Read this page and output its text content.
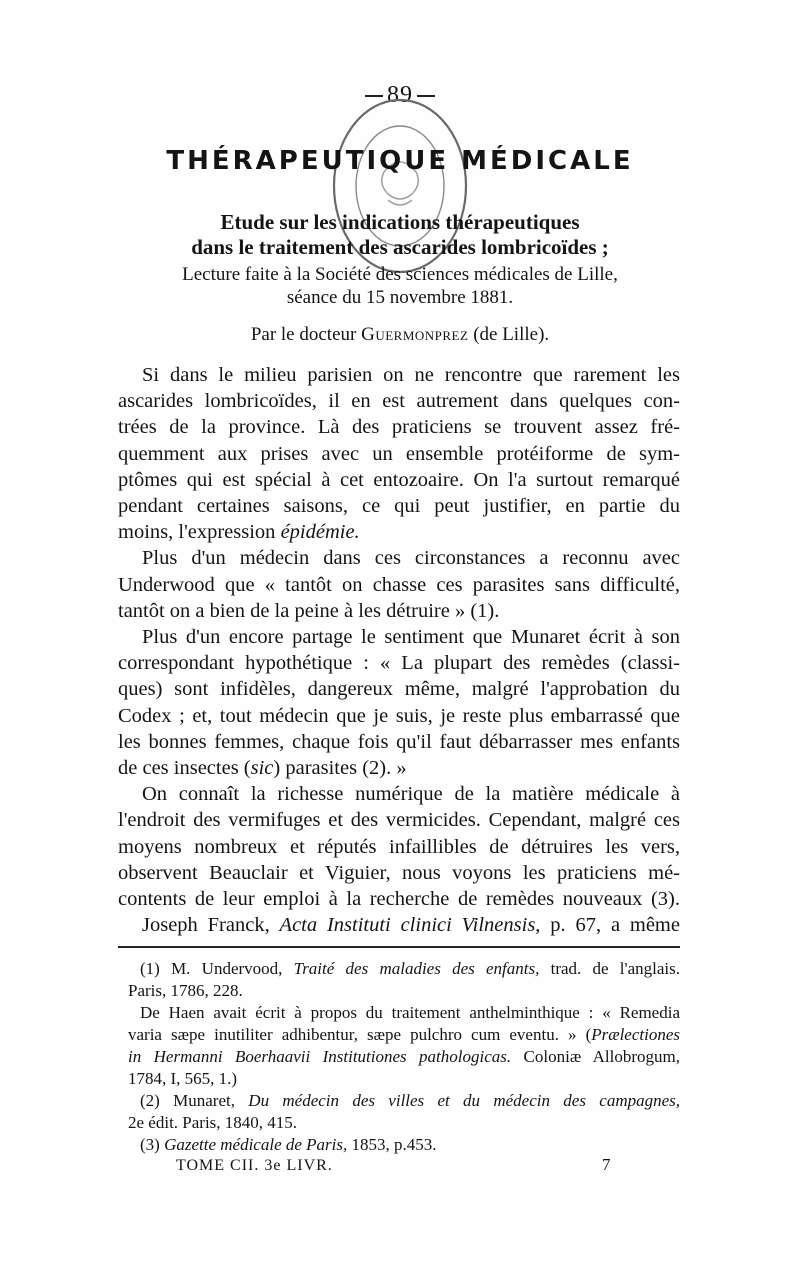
89
THÉRAPEUTIQUE MÉDICALE
Etude sur les indications thérapeutiques
dans le traitement des ascarides lombricoïdes ;
Lecture faite à la Société des sciences médicales de Lille,
séance du 15 novembre 1881.
Par le docteur Guermonprez (de Lille).
Si dans le milieu parisien on ne rencontre que rarement les
ascarides lombricoïdes, il en est autrement dans quelques con-
trées de la province. Là des praticiens se trouvent assez fré-
quemment aux prises avec un ensemble protéiforme de sym-
ptômes qui est spécial à cet entozoaire. On l'a surtout remarqué
pendant certaines saisons, ce qui peut justifier, en partie du
moins, l'expression épidémie.
Plus d'un médecin dans ces circonstances a reconnu avec
Underwood que « tantôt on chasse ces parasites sans difficulté,
tantôt on a bien de la peine à les détruire » (1).
Plus d'un encore partage le sentiment que Munaret écrit à son
correspondant hypothétique : « La plupart des remèdes (classi-
ques) sont infidèles, dangereux même, malgré l'approbation du
Codex ; et, tout médecin que je suis, je reste plus embarrassé que
les bonnes femmes, chaque fois qu'il faut débarrasser mes enfants
de ces insectes (sic) parasites (2). »
On connaît la richesse numérique de la matière médicale à
l'endroit des vermifuges et des vermicides. Cependant, malgré ces
moyens nombreux et réputés infaillibles de détruires les vers,
observent Beauclair et Viguier, nous voyons les praticiens mé-
(1) M. Undervood, Traité des maladies des enfants, trad. de l'anglais.
Paris, 1786, 228.
De Haen avait écrit à propos du traitement anthelminthique : « Remedia
varia sæpe inutiliter adhibentur, sæpe pulchro cum eventu. » (Prælectiones
in Hermanni Boerhaavii Institutiones pathologicas. Coloniæ Allobrogum,
1784, I, 565, 1.)
(2) Munaret, Du médecin des villes et du médecin des campagnes,
2e édit. Paris, 1840, 415.
(3) Gazette médicale de Paris, 1853, p.453.
TOME CII. 3e LIVR.	7
contents de leur emploi à la recherche de remèdes nouveaux (3).
Joseph Franck, Acta Instituti clinici Vilnensis, p. 67, a même
